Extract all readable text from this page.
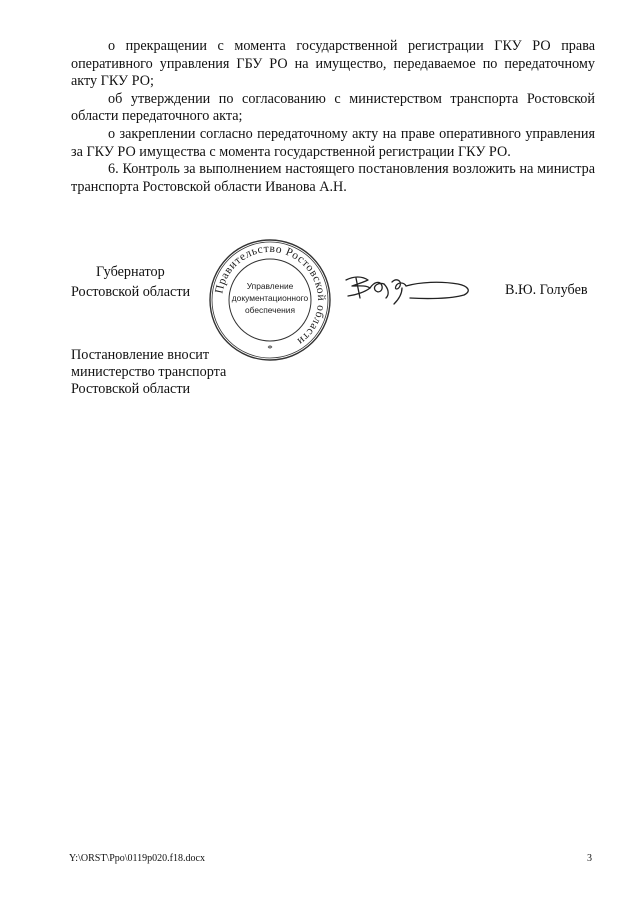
о прекращении с момента государственной регистрации ГКУ РО права оперативного управления ГБУ РО на имущество, передаваемое по передаточному акту ГКУ РО;

об утверждении по согласованию с министерством транспорта Ростовской области передаточного акта;

о закреплении согласно передаточному акту на праве оперативного управления за ГКУ РО имущества с момента государственной регистрации ГКУ РО.

6. Контроль за выполнением настоящего постановления возложить на министра транспорта Ростовской области Иванова А.Н.

Губернатор
Ростовской области Правительство Ростовской области
Управление
документационного
обеспечения
*
В.Ю. Голубев
Постановление вносит
министерство транспорта
Ростовской области
Y:\ORST\Ppo\0119p020.f18.docx	3
